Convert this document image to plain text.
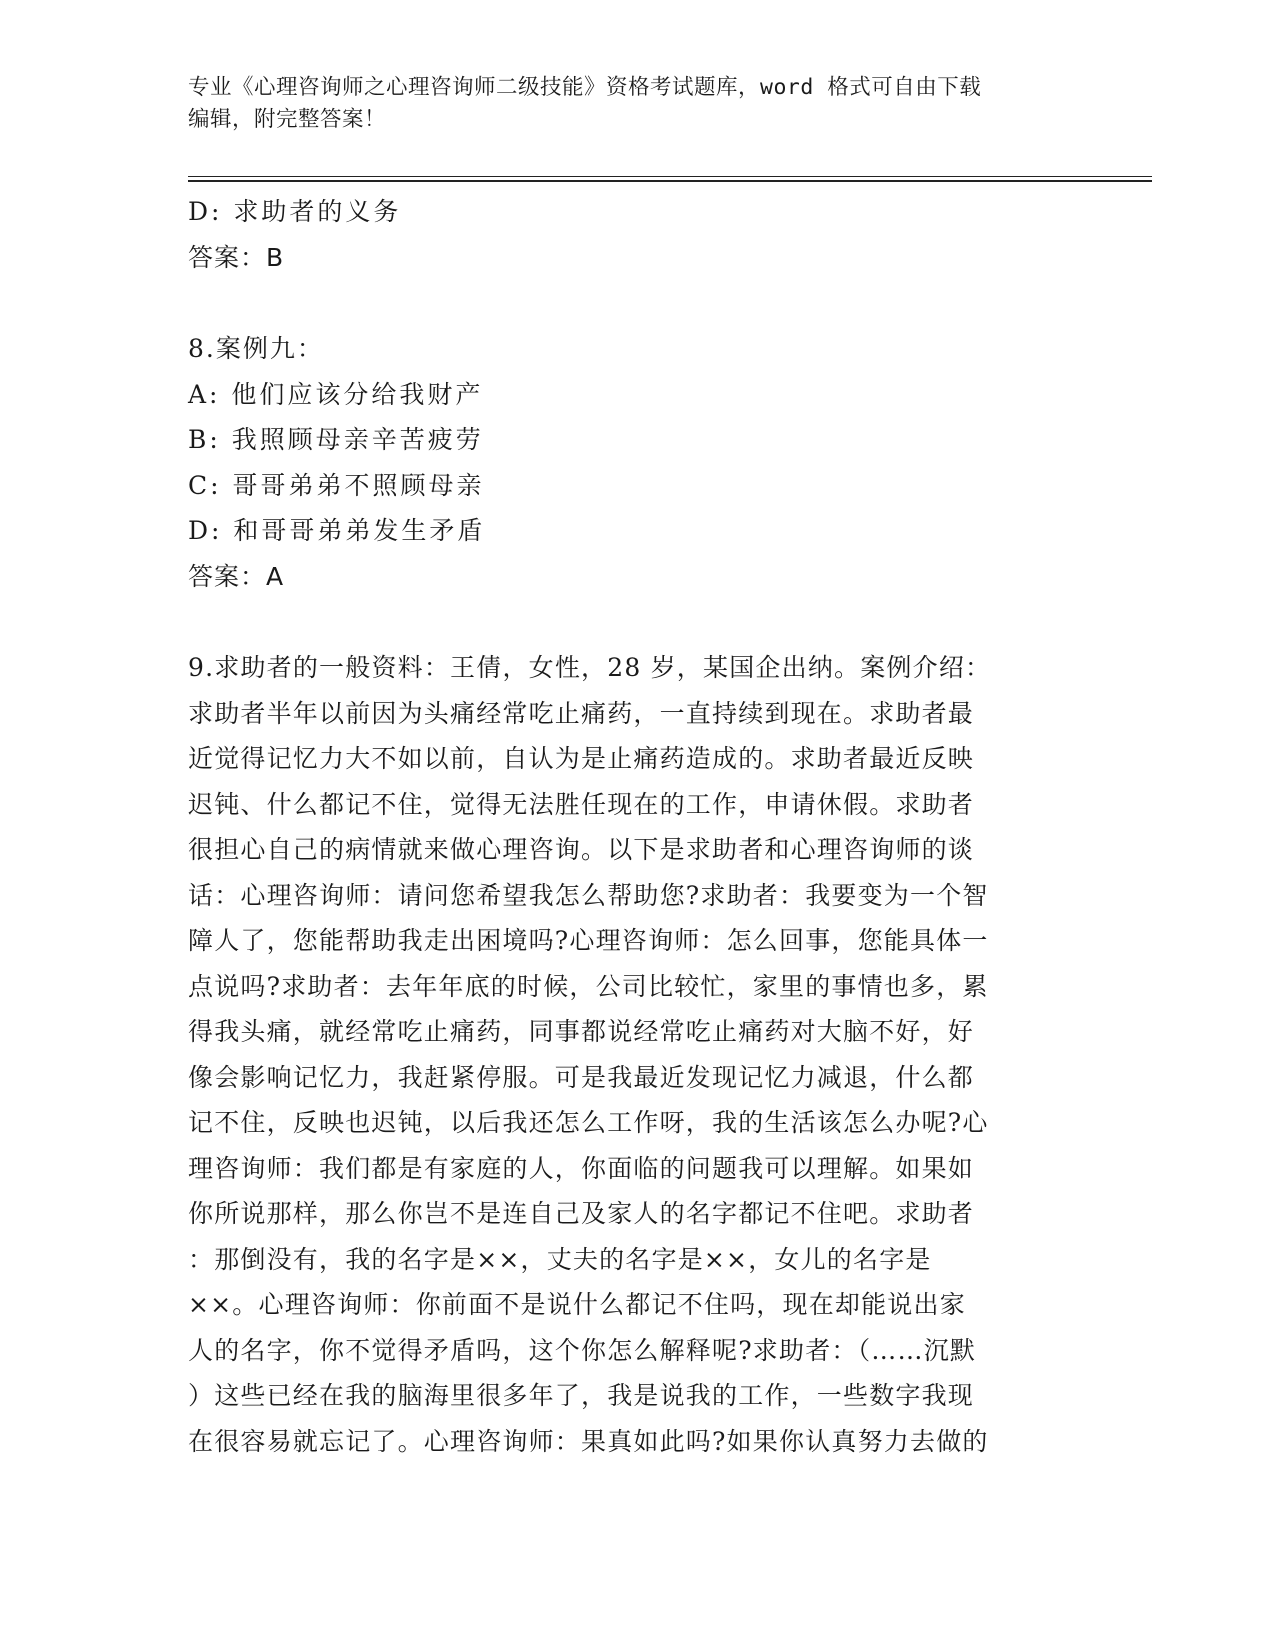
专业《心理咨询师之心理咨询师二级技能》资格考试题库，word 格式可自由下载
编辑，附完整答案！
D: 求助者的义务
答案：B
8.案例九：
A: 他们应该分给我财产
B: 我照顾母亲辛苦疲劳
C: 哥哥弟弟不照顾母亲
D: 和哥哥弟弟发生矛盾
答案：A
9.求助者的一般资料：王倩，女性，28 岁，某国企出纳。案例介绍：
求助者半年以前因为头痛经常吃止痛药，一直持续到现在。求助者最
近觉得记忆力大不如以前，自认为是止痛药造成的。求助者最近反映
迟钝、什么都记不住，觉得无法胜任现在的工作，申请休假。求助者
很担心自己的病情就来做心理咨询。以下是求助者和心理咨询师的谈
话：心理咨询师：请问您希望我怎么帮助您?求助者：我要变为一个智
障人了，您能帮助我走出困境吗?心理咨询师：怎么回事，您能具体一
点说吗?求助者：去年年底的时候，公司比较忙，家里的事情也多，累
得我头痛，就经常吃止痛药，同事都说经常吃止痛药对大脑不好，好
像会影响记忆力，我赶紧停服。可是我最近发现记忆力减退，什么都
记不住，反映也迟钝，以后我还怎么工作呀，我的生活该怎么办呢?心
理咨询师：我们都是有家庭的人，你面临的问题我可以理解。如果如
你所说那样，那么你岂不是连自己及家人的名字都记不住吧。求助者
：那倒没有，我的名字是××，丈夫的名字是××，女儿的名字是
××。心理咨询师：你前面不是说什么都记不住吗，现在却能说出家
人的名字，你不觉得矛盾吗，这个你怎么解释呢?求助者：（……沉默
）这些已经在我的脑海里很多年了，我是说我的工作，一些数字我现
在很容易就忘记了。心理咨询师：果真如此吗?如果你认真努力去做的
